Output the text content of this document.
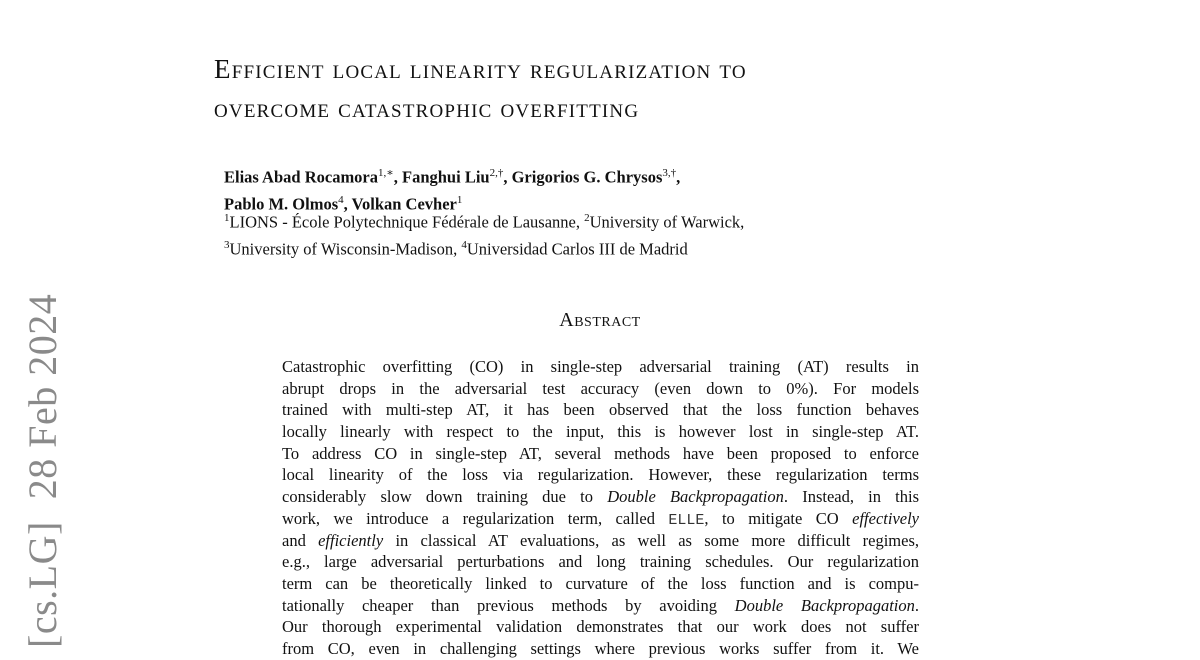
[cs.LG]28 Feb 2024
Efficient local linearity regularization to
overcome catastrophic overfitting
Elias Abad Rocamora$^{1,∗}$, Fanghui Liu$^{2,\dagger}$, Grigorios G. Chrysos$^{3,\dagger}$,
Pablo M. Olmos$^4$, Volkan Cevher$^1$
$^1$LIONS - École Polytechnique Fédérale de Lausanne, $^2$University of Warwick,
$^3$University of Wisconsin-Madison, $^4$Universidad Carlos III de Madrid
Abstract
Catastrophic overfitting (CO) in single-step adversarial training (AT) results in
abrupt drops in the adversarial test accuracy (even down to 0%). For models
trained with multi-step AT, it has been observed that the loss function behaves
locally linearly with respect to the input, this is however lost in single-step AT.
To address CO in single-step AT, several methods have been proposed to enforce
local linearity of the loss via regularization. However, these regularization terms
considerably slow down training due to Double Backpropagation. Instead, in this
work, we introduce a regularization term, called ELLE, to mitigate CO effectively
and efficiently in classical AT evaluations, as well as some more difficult regimes,
e.g., large adversarial perturbations and long training schedules. Our regularization
term can be theoretically linked to curvature of the loss function and is compu-
tationally cheaper than previous methods by avoiding Double Backpropagation.
Our thorough experimental validation demonstrates that our work does not suffer
from CO, even in challenging settings where previous works suffer from it. We
